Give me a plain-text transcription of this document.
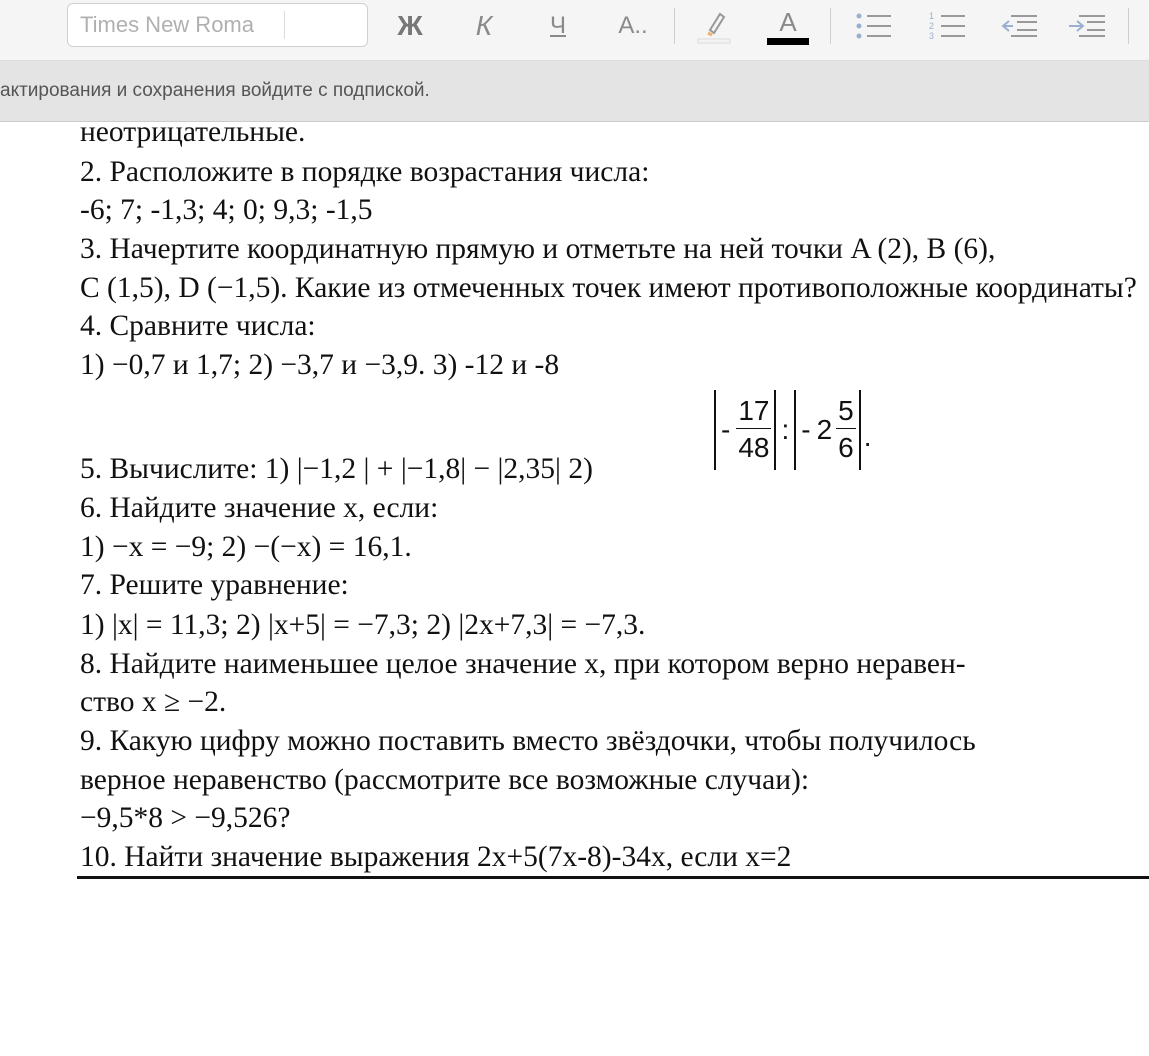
Times New Roma
Ж	К	Ч	А..	А	1
2
3
актирования и сохранения войдите с подпиской.
неотрицательные.
2. Расположите в порядке возрастания числа:
-6; 7; -1,3; 4; 0; 9,3; -1,5
3. Начертите координатную прямую и отметьте на ней точки A (2), B (6),
C (1,5), D (−1,5). Какие из отмеченных точек имеют противоположные координаты?
4. Сравните числа:
1) −0,7 и 1,7; 2) −3,7 и −3,9. 3) -12 и -8
- $\frac{17}{48}$ : - $2 \frac{5}{6}$ .
5. Вычислите: 1) |−1,2 | + |−1,8| − |2,35| 2)
6. Найдите значение x, если:
1) −x = −9; 2) −(−x) = 16,1.
7. Решите уравнение:
1) |x| = 11,3; 2) |x+5| = −7,3; 2) |2x+7,3| = −7,3.
8. Найдите наименьшее целое значение x, при котором верно неравен-
ство x ≥ −2.
9. Какую цифру можно поставить вместо звёздочки, чтобы получилось
верное неравенство (рассмотрите все возможные случаи):
−9,5*8 > −9,526?
10. Найти значение выражения 2x+5(7x-8)-34x, если x=2
